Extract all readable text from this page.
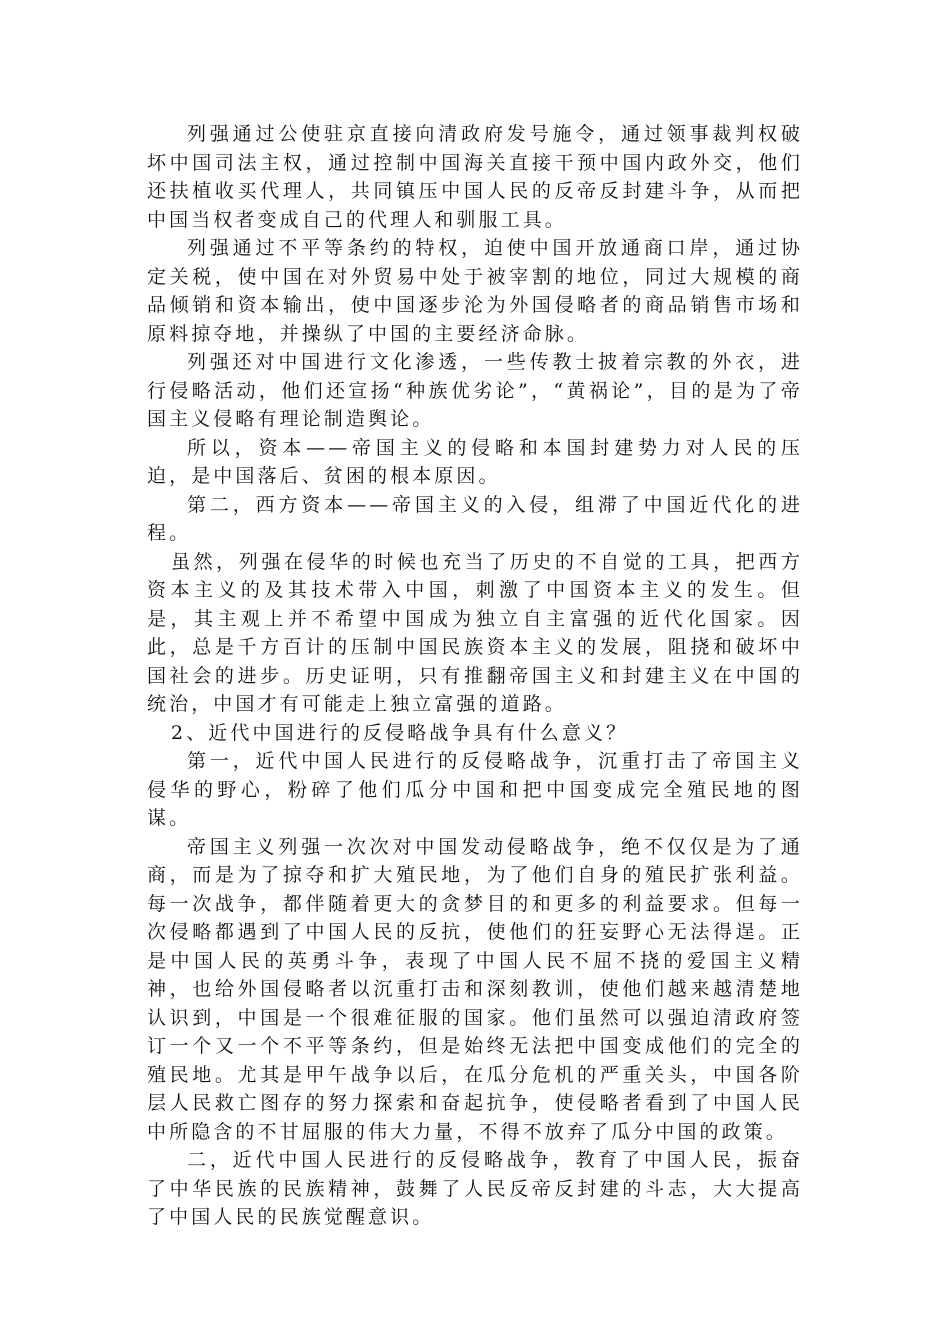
列强通过公使驻京直接向清政府发号施令，通过领事裁判权破坏中国司法主权，通过控制中国海关直接干预中国内政外交，他们还扶植收买代理人，共同镇压中国人民的反帝反封建斗争，从而把中国当权者变成自己的代理人和驯服工具。

列强通过不平等条约的特权，迫使中国开放通商口岸，通过协定关税，使中国在对外贸易中处于被宰割的地位，同过大规模的商品倾销和资本输出，使中国逐步沦为外国侵略者的商品销售市场和原料掠夺地，并操纵了中国的主要经济命脉。

列强还对中国进行文化渗透，一些传教士披着宗教的外衣，进行侵略活动，他们还宣扬“种族优劣论”，“黄祸论”，目的是为了帝国主义侵略有理论制造舆论。

所以，资本——帝国主义的侵略和本国封建势力对人民的压迫，是中国落后、贫困的根本原因。

第二，西方资本——帝国主义的入侵，组滞了中国近代化的进程。

虽然，列强在侵华的时候也充当了历史的不自觉的工具，把西方资本主义的及其技术带入中国，刺激了中国资本主义的发生。但是，其主观上并不希望中国成为独立自主富强的近代化国家。因此，总是千方百计的压制中国民族资本主义的发展，阻挠和破坏中国社会的进步。历史证明，只有推翻帝国主义和封建主义在中国的统治，中国才有可能走上独立富强的道路。

2、近代中国进行的反侵略战争具有什么意义？

第一，近代中国人民进行的反侵略战争，沉重打击了帝国主义侵华的野心，粉碎了他们瓜分中国和把中国变成完全殖民地的图谋。

帝国主义列强一次次对中国发动侵略战争，绝不仅仅是为了通商，而是为了掠夺和扩大殖民地，为了他们自身的殖民扩张利益。每一次战争，都伴随着更大的贪梦目的和更多的利益要求。但每一次侵略都遇到了中国人民的反抗，使他们的狂妄野心无法得逞。正是中国人民的英勇斗争，表现了中国人民不屈不挠的爱国主义精神，也给外国侵略者以沉重打击和深刻教训，使他们越来越清楚地认识到，中国是一个很难征服的国家。他们虽然可以强迫清政府签订一个又一个不平等条约，但是始终无法把中国变成他们的完全的殖民地。尤其是甲午战争以后，在瓜分危机的严重关头，中国各阶层人民救亡图存的努力探索和奋起抗争，使侵略者看到了中国人民中所隐含的不甘屈服的伟大力量，不得不放弃了瓜分中国的政策。

二，近代中国人民进行的反侵略战争，教育了中国人民，振奋了中华民族的民族精神，鼓舞了人民反帝反封建的斗志，大大提高了中国人民的民族觉醒意识。
